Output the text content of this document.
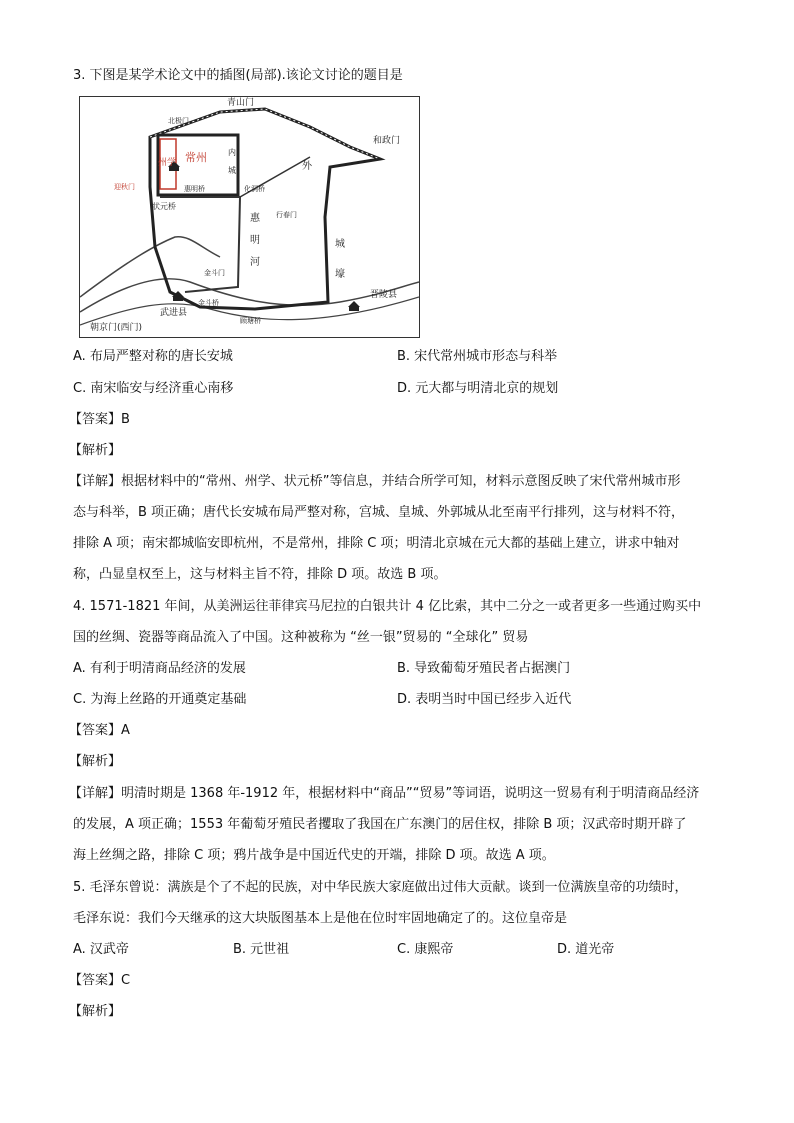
3. 下图是某学术论文中的插图(局部).该论文讨论的题目是
青山门
北极门
和政门
州学 常州	内
城	外
惠明桥	化洞桥
状元桥
行春门
惠
明
河
城
壕
金斗门
金斗桥
武进县
晋陵县
朝京门(西门)
顾塘桥
迎秋门
A. 布局严整对称的唐长安城	B. 宋代常州城市形态与科举
C. 南宋临安与经济重心南移	D. 元大都与明清北京的规划
【答案】B
【解析】
【详解】根据材料中的“常州、州学、状元桥”等信息，并结合所学可知，材料示意图反映了宋代常州城市形
态与科举，B 项正确；唐代长安城布局严整对称，宫城、皇城、外郭城从北至南平行排列，这与材料不符，
排除 A 项；南宋都城临安即杭州，不是常州，排除 C 项；明清北京城在元大都的基础上建立，讲求中轴对
称，凸显皇权至上，这与材料主旨不符，排除 D 项。故选 B 项。
4. 1571-1821 年间，从美洲运往菲律宾马尼拉的白银共计 4 亿比索，其中二分之一或者更多一些通过购买中
国的丝绸、瓷器等商品流入了中国。这种被称为 “丝一银”贸易的 “全球化” 贸易
A. 有利于明清商品经济的发展	B. 导致葡萄牙殖民者占据澳门
C. 为海上丝路的开通奠定基础	D. 表明当时中国已经步入近代
【答案】A
【解析】
【详解】明清时期是 1368 年-1912 年，根据材料中“商品”“贸易”等词语，说明这一贸易有利于明清商品经济
的发展，A 项正确；1553 年葡萄牙殖民者攫取了我国在广东澳门的居住权，排除 B 项；汉武帝时期开辟了
海上丝绸之路，排除 C 项；鸦片战争是中国近代史的开端，排除 D 项。故选 A 项。
5. 毛泽东曾说：满族是个了不起的民族，对中华民族大家庭做出过伟大贡献。谈到一位满族皇帝的功绩时，
毛泽东说：我们今天继承的这大块版图基本上是他在位时牢固地确定了的。这位皇帝是
A. 汉武帝	B. 元世祖	C. 康熙帝	D. 道光帝
【答案】C
【解析】
